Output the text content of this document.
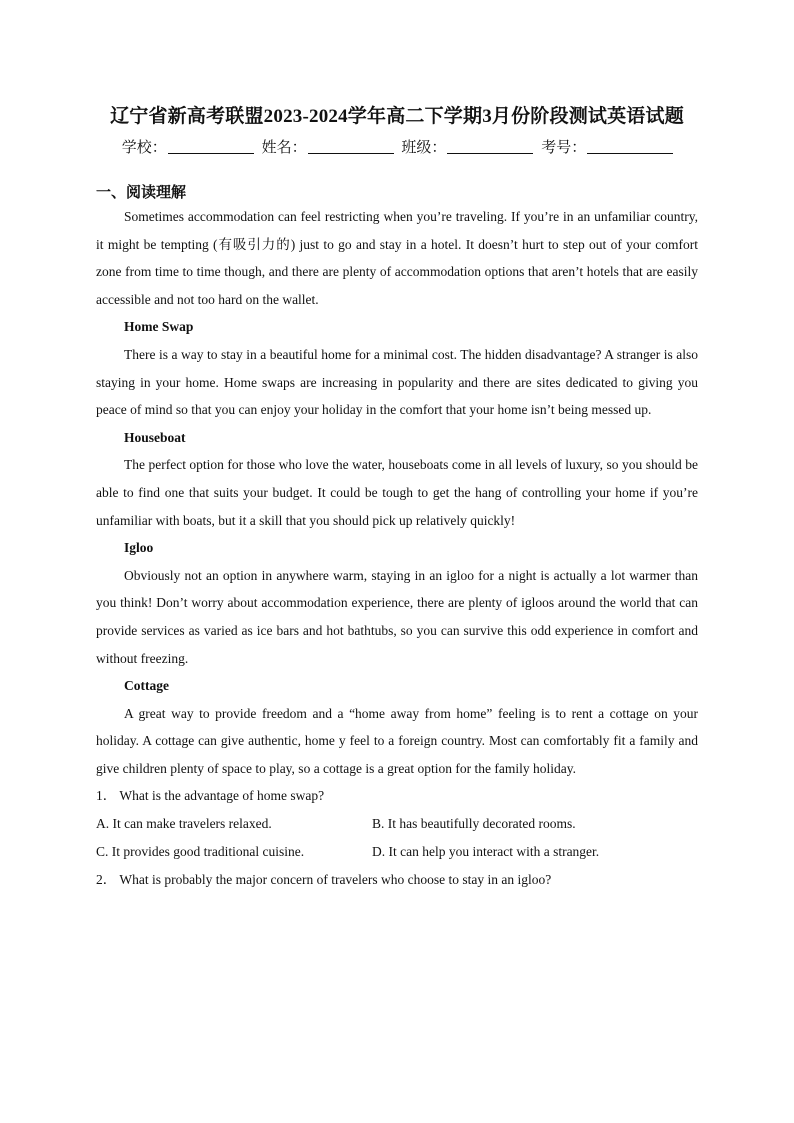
辽宁省新高考联盟2023-2024学年高二下学期3月份阶段测试英语试题
学校：	姓名：	班级：	考号：
一、阅读理解

Sometimes accommodation can feel restricting when you’re traveling. If you’re in an unfamiliar country, it might be tempting (有吸引力的) just to go and stay in a hotel. It doesn’t hurt to step out of your comfort zone from time to time though, and there are plenty of accommodation options that aren’t hotels that are easily accessible and not too hard on the wallet.

Home Swap

There is a way to stay in a beautiful home for a minimal cost. The hidden disadvantage? A stranger is also staying in your home. Home swaps are increasing in popularity and there are sites dedicated to giving you peace of mind so that you can enjoy your holiday in the comfort that your home isn’t being messed up.

Houseboat

The perfect option for those who love the water, houseboats come in all levels of luxury, so you should be able to find one that suits your budget. It could be tough to get the hang of controlling your home if you’re unfamiliar with boats, but it a skill that you should pick up relatively quickly!

Igloo

Obviously not an option in anywhere warm, staying in an igloo for a night is actually a lot warmer than you think! Don’t worry about accommodation experience, there are plenty of igloos around the world that can provide services as varied as ice bars and hot bathtubs, so you can survive this odd experience in comfort and without freezing.

Cottage

A great way to provide freedom and a “home away from home” feeling is to rent a cottage on your holiday. A cottage can give authentic, home y feel to a foreign country. Most can comfortably fit a family and give children plenty of space to play, so a cottage is a great option for the family holiday.

1． What is the advantage of home swap?
A. It can make travelers relaxed.	B. It has beautifully decorated rooms.
C. It provides good traditional cuisine.	D. It can help you interact with a stranger.
2． What is probably the major concern of travelers who choose to stay in an igloo?
